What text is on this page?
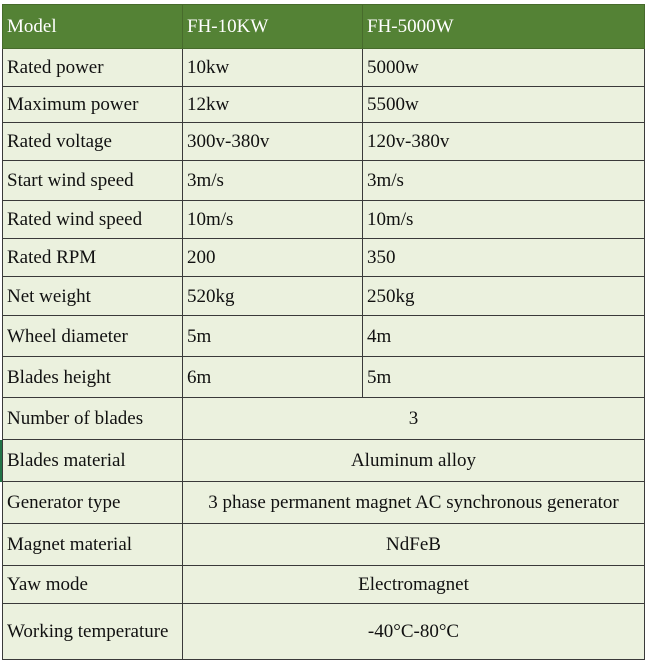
Model	FH-10KW	FH-5000W
Rated power	10kw	5000w
Maximum power	12kw	5500w
Rated voltage	300v-380v	120v-380v
Start wind speed	3m/s	3m/s
Rated wind speed	10m/s	10m/s
Rated RPM	200	350
Net weight	520kg	250kg
Wheel diameter	5m	4m
Blades height	6m	5m
Number of blades	3	
Blades material	Aluminum alloy	
Generator type	3 phase permanent magnet AC synchronous generator	
Magnet material	NdFeB	
Yaw mode	Electromagnet	
Working temperature	-40°C-80°C	
